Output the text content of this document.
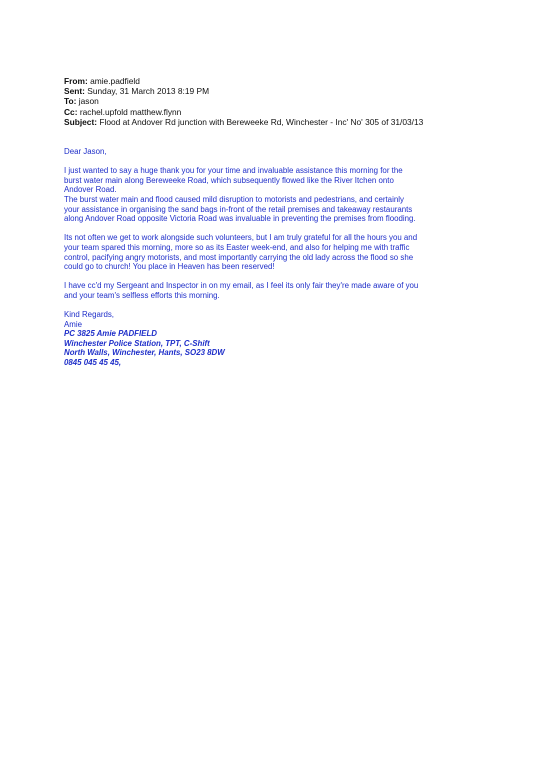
From: amie.padfield
Sent: Sunday, 31 March 2013 8:19 PM
To: jason
Cc: rachel.upfold matthew.flynn
Subject: Flood at Andover Rd junction with Bereweeke Rd, Winchester - Inc' No' 305 of 31/03/13

Dear Jason,

I just wanted to say a huge thank you for your time and invaluable assistance this morning for the

burst water main along Bereweeke Road, which subsequently flowed like the River Itchen onto

Andover Road.

The burst water main and flood caused mild disruption to motorists and pedestrians, and certainly

your assistance in organising the sand bags in-front of the retail premises and takeaway restaurants

along Andover Road opposite Victoria Road was invaluable in preventing the premises from flooding.

Its not often we get to work alongside such volunteers, but I am truly grateful for all the hours you and

your team spared this morning, more so as its Easter week-end, and also for helping me with traffic

control, pacifying angry motorists, and most importantly carrying the old lady across the flood so she

could go to church! You place in Heaven has been reserved!

I have cc'd my Sergeant and Inspector in on my email, as I feel its only fair they're made aware of you

and your team's selfless efforts this morning.

Kind Regards,

Amie

PC 3825 Amie PADFIELD

Winchester Police Station, TPT, C-Shift

North Walls, Winchester, Hants, SO23 8DW

0845 045 45 45,
